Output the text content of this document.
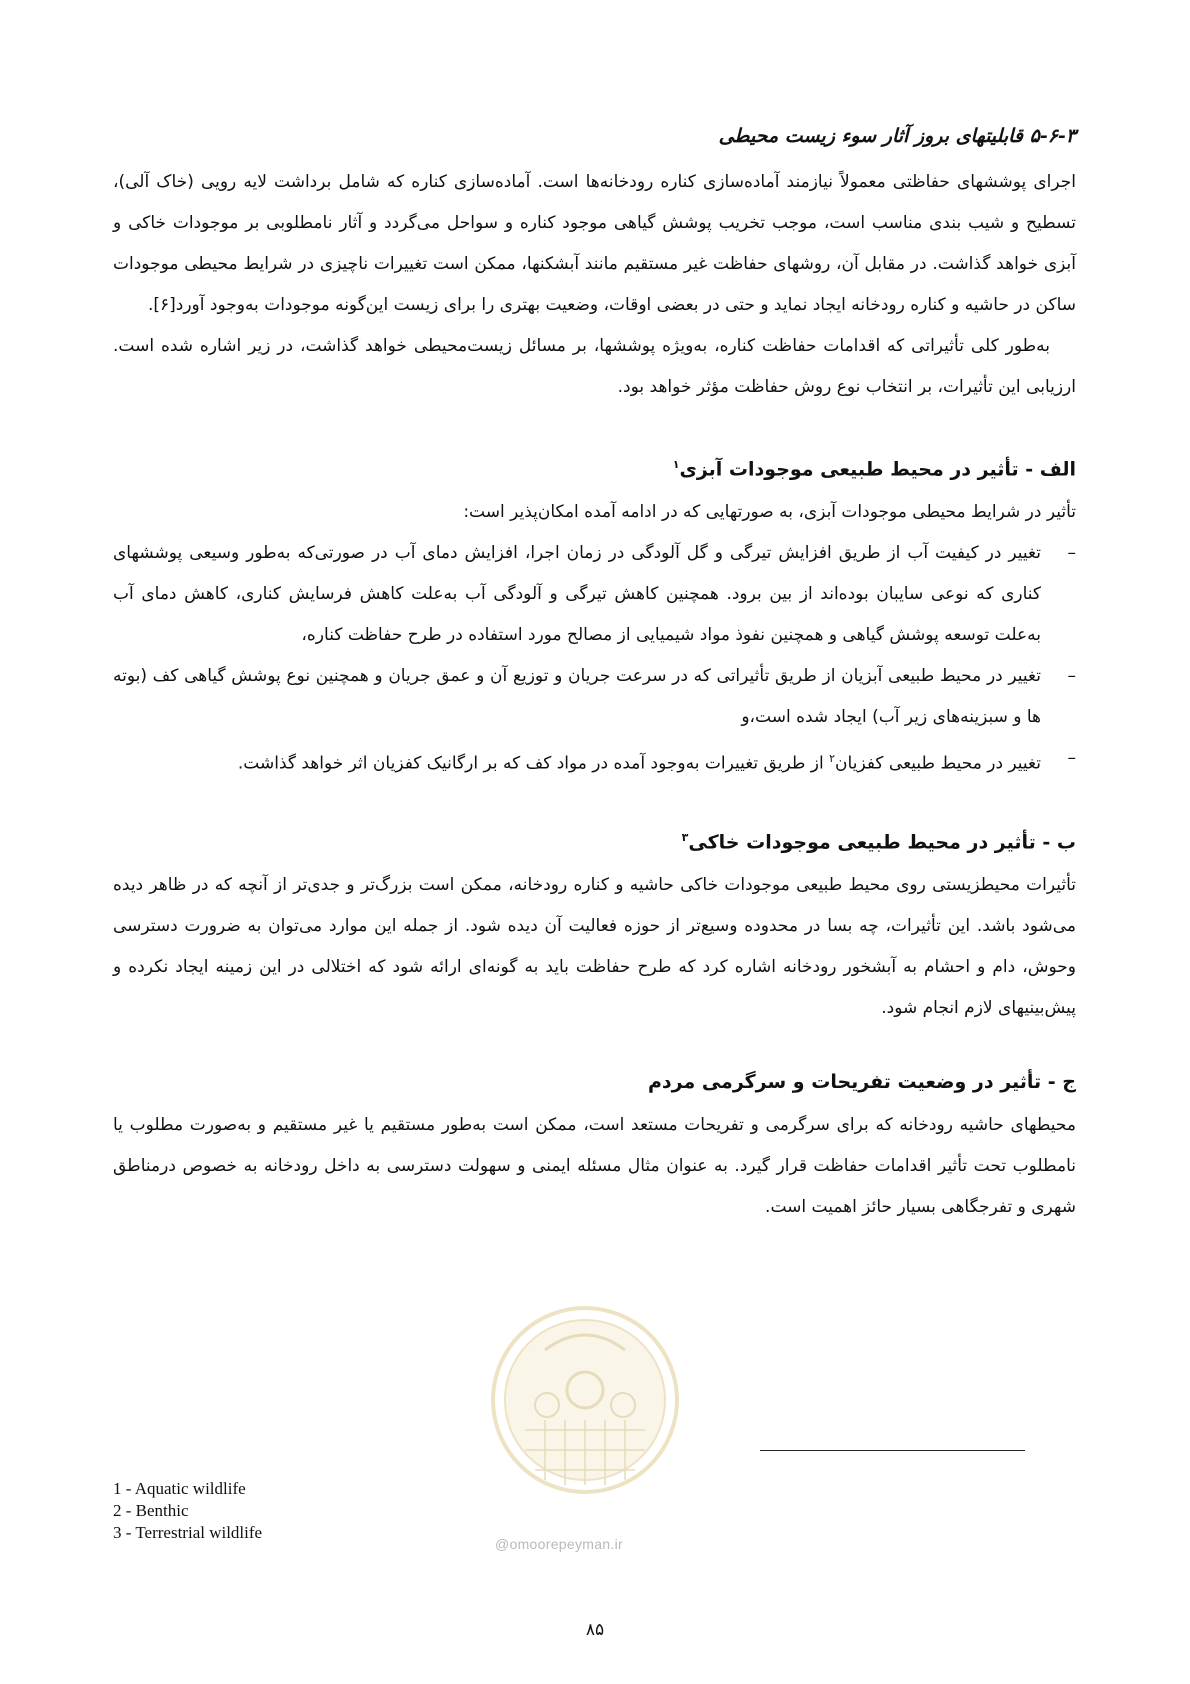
۵-۶-۳ قابلیتهای بروز آثار سوء زیست محیطی

اجرای پوششهای حفاظتی معمولاً نیازمند آماده‌سازی کناره رودخانه‌ها است. آماده‌سازی کناره که شامل برداشت لایه رویی (خاک آلی)، تسطیح و شیب بندی مناسب است، موجب تخریب پوشش گیاهی موجود کناره و سواحل می‌گردد و آثار نامطلوبی بر موجودات خاکی و آبزی خواهد گذاشت. در مقابل آن، روشهای حفاظت غیر مستقیم مانند آبشکنها، ممکن است تغییرات ناچیزی در شرایط محیطی موجودات ساکن در حاشیه و کناره رودخانه ایجاد نماید و حتی در بعضی اوقات، وضعیت بهتری را برای زیست این‌گونه موجودات به‌وجود آورد[۶].

به‌طور کلی تأثیراتی که اقدامات حفاظت کناره، به‌ویژه پوششها، بر مسائل زیست‌محیطی خواهد گذاشت، در زیر اشاره شده است. ارزیابی این تأثیرات، بر انتخاب نوع روش حفاظت مؤثر خواهد بود.

الف - تأثیر در محیط طبیعی موجودات آبزی$^۱$

تأثیر در شرایط محیطی موجودات آبزی، به صورتهایی که در ادامه آمده امکان‌پذیر است:

–
تغییر در کیفیت آب از طریق افزایش تیرگی و گل آلودگی در زمان اجرا، افزایش دمای آب در صورتی‌که به‌طور وسیعی پوششهای کناری که نوعی سایبان بوده‌اند از بین برود. همچنین کاهش تیرگی و آلودگی آب به‌علت کاهش فرسایش کناری، کاهش دمای آب به‌علت توسعه پوشش گیاهی و همچنین نفوذ مواد شیمیایی از مصالح مورد استفاده در طرح حفاظت کناره،
–
تغییر در محیط طبیعی آبزیان از طریق تأثیراتی که در سرعت جریان و توزیع آن و عمق جریان و همچنین نوع پوشش گیاهی کف (بوته ها و سبزینه‌های زیر آب) ایجاد شده است،و
–
تغییر در محیط طبیعی کفزیان$^۲$ از طریق تغییرات به‌وجود آمده در مواد کف که بر ارگانیک کفزیان اثر خواهد گذاشت.
ب - تأثیر در محیط طبیعی موجودات خاکی$^۳$

تأثیرات محیطزیستی روی محیط طبیعی موجودات خاکی حاشیه و کناره رودخانه، ممکن است بزرگ‌تر و جدی‌تر از آنچه که در ظاهر دیده می‌شود باشد. این تأثیرات، چه بسا در محدوده وسیع‌تر از حوزه فعالیت آن دیده شود. از جمله این موارد می‌توان به ضرورت دسترسی وحوش، دام و احشام به آبشخور رودخانه اشاره کرد که طرح حفاظت باید به گونه‌ای ارائه شود که اختلالی در این زمینه ایجاد نکرده و پیش‌بینیهای لازم انجام شود.

ج - تأثیر در وضعیت تفریحات و سرگرمی مردم

محیطهای حاشیه رودخانه که برای سرگرمی و تفریحات مستعد است، ممکن است به‌طور مستقیم یا غیر مستقیم و به‌صورت مطلوب یا نامطلوب تحت تأثیر اقدامات حفاظت قرار گیرد. به عنوان مثال مسئله ایمنی و سهولت دسترسی به داخل رودخانه به خصوص درمناطق شهری و تفرجگاهی بسیار حائز اهمیت است.

@omoorepeyman.ir
1 - Aquatic wildlife
2 - Benthic
3 - Terrestrial wildlife
۸۵
